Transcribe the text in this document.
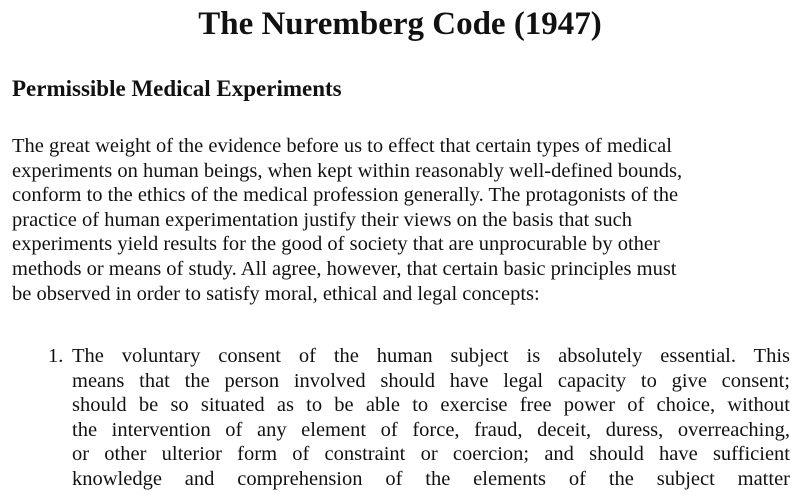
The Nuremberg Code (1947)
Permissible Medical Experiments
The great weight of the evidence before us to effect that certain types of medical
experiments on human beings, when kept within reasonably well-defined bounds,
conform to the ethics of the medical profession generally. The protagonists of the
practice of human experimentation justify their views on the basis that such
experiments yield results for the good of society that are unprocurable by other
methods or means of study. All agree, however, that certain basic principles must
be observed in order to satisfy moral, ethical and legal concepts:
1. The voluntary consent of the human subject is absolutely essential. This
means that the person involved should have legal capacity to give consent;
should be so situated as to be able to exercise free power of choice, without
the intervention of any element of force, fraud, deceit, duress, overreaching,
or other ulterior form of constraint or coercion; and should have sufficient
knowledge and comprehension of the elements of the subject matter
